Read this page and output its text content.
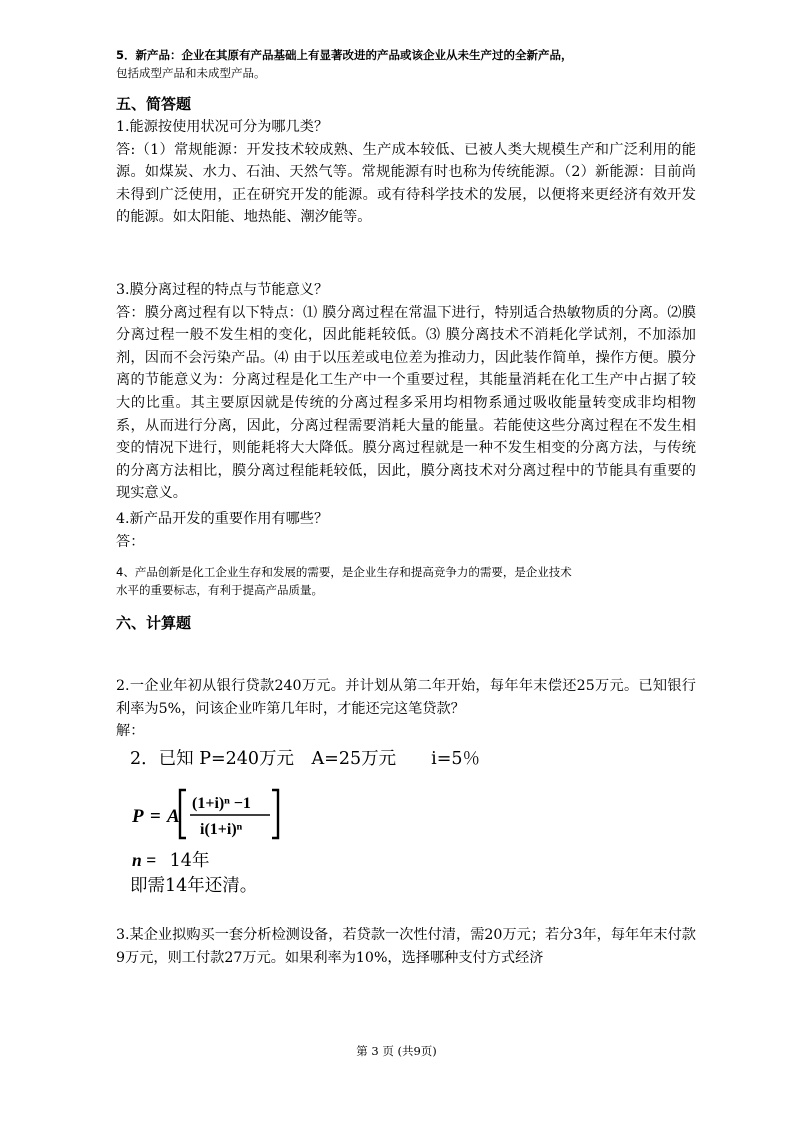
5．新产品：企业在其原有产品基础上有显著改进的产品或该企业从未生产过的全新产品，
包括成型产品和未成型产品。
五、简答题

1.能源按使用状况可分为哪几类？

答:（1）常规能源：开发技术较成熟、生产成本较低、已被人类大规模生产和广泛利用的能源。如煤炭、水力、石油、天然气等。常规能源有时也称为传统能源。（2）新能源：目前尚未得到广泛使用，正在研究开发的能源。或有待科学技术的发展，以便将来更经济有效开发的能源。如太阳能、地热能、潮汐能等。

3.膜分离过程的特点与节能意义？

答：膜分离过程有以下特点：⑴ 膜分离过程在常温下进行，特别适合热敏物质的分离。⑵膜分离过程一般不发生相的变化，因此能耗较低。⑶ 膜分离技术不消耗化学试剂，不加添加剂，因而不会污染产品。⑷ 由于以压差或电位差为推动力，因此装作简单，操作方便。膜分离的节能意义为：分离过程是化工生产中一个重要过程，其能量消耗在化工生产中占据了较大的比重。其主要原因就是传统的分离过程多采用均相物系通过吸收能量转变成非均相物系，从而进行分离，因此，分离过程需要消耗大量的能量。若能使这些分离过程在不发生相变的情况下进行，则能耗将大大降低。膜分离过程就是一种不发生相变的分离方法，与传统的分离方法相比，膜分离过程能耗较低，因此，膜分离技术对分离过程中的节能具有重要的现实意义。

4.新产品开发的重要作用有哪些？

答：

4、产品创新是化工企业生存和发展的需要，是企业生存和提高竞争力的需要，是企业技术
水平的重要标志，有利于提高产品质量。
六、计算题

2.一企业年初从银行贷款240万元。并计划从第二年开始，每年年末偿还25万元。已知银行利率为5%，问该企业咋第几年时，才能还完这笔贷款？

解：

2．已知 P=240万元　A=25万元　　i=5％
P = A
(1+i)ⁿ −1
i(1+i)ⁿ
n = 14年
即需14年还清。

3.某企业拟购买一套分析检测设备，若贷款一次性付清，需20万元；若分3年，每年年末付款9万元，则工付款27万元。如果利率为10%，选择哪种支付方式经济

第 3 页 (共9页)
